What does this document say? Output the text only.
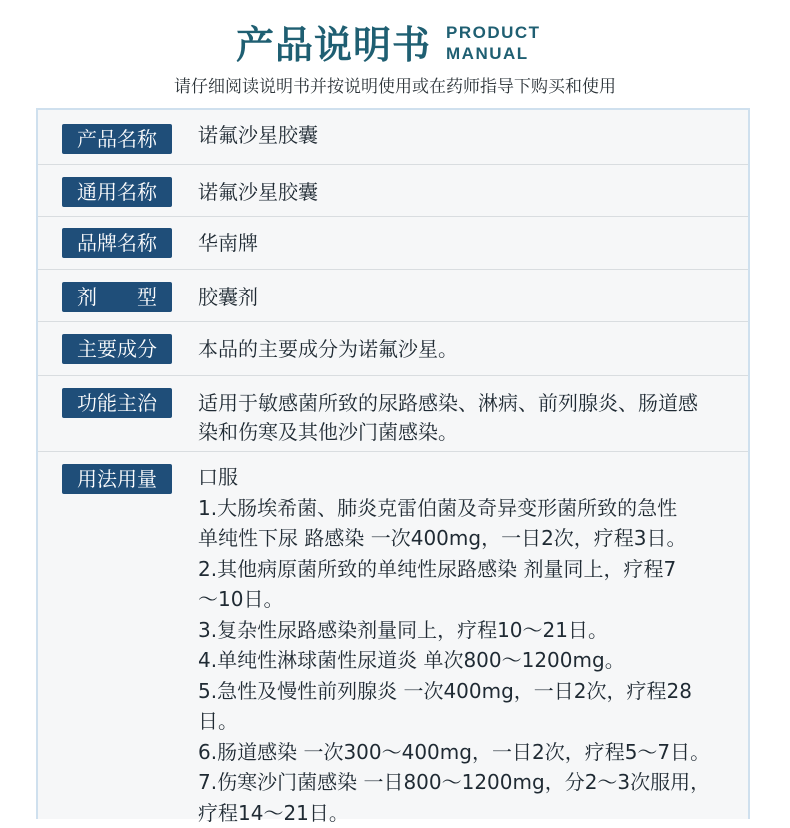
产品说明书 PRODUCT
MANUAL
请仔细阅读说明书并按说明使用或在药师指导下购买和使用
产品名称	诺氟沙星胶囊
通用名称	诺氟沙星胶囊
品牌名称	华南牌
剂　　型	胶囊剂
主要成分	本品的主要成分为诺氟沙星。
功能主治	适用于敏感菌所致的尿路感染、淋病、前列腺炎、肠道感
染和伤寒及其他沙门菌感染。
用法用量	口服
1.大肠埃希菌、肺炎克雷伯菌及奇异变形菌所致的急性
单纯性下尿 路感染 一次400mg，一日2次，疗程3日。
2.其他病原菌所致的单纯性尿路感染 剂量同上，疗程7
～10日。
3.复杂性尿路感染剂量同上，疗程10～21日。
4.单纯性淋球菌性尿道炎 单次800～1200mg。
5.急性及慢性前列腺炎 一次400mg，一日2次，疗程28
日。
6.肠道感染 一次300～400mg，一日2次，疗程5～7日。
7.伤寒沙门菌感染 一日800～1200mg，分2～3次服用，
疗程14～21日。
